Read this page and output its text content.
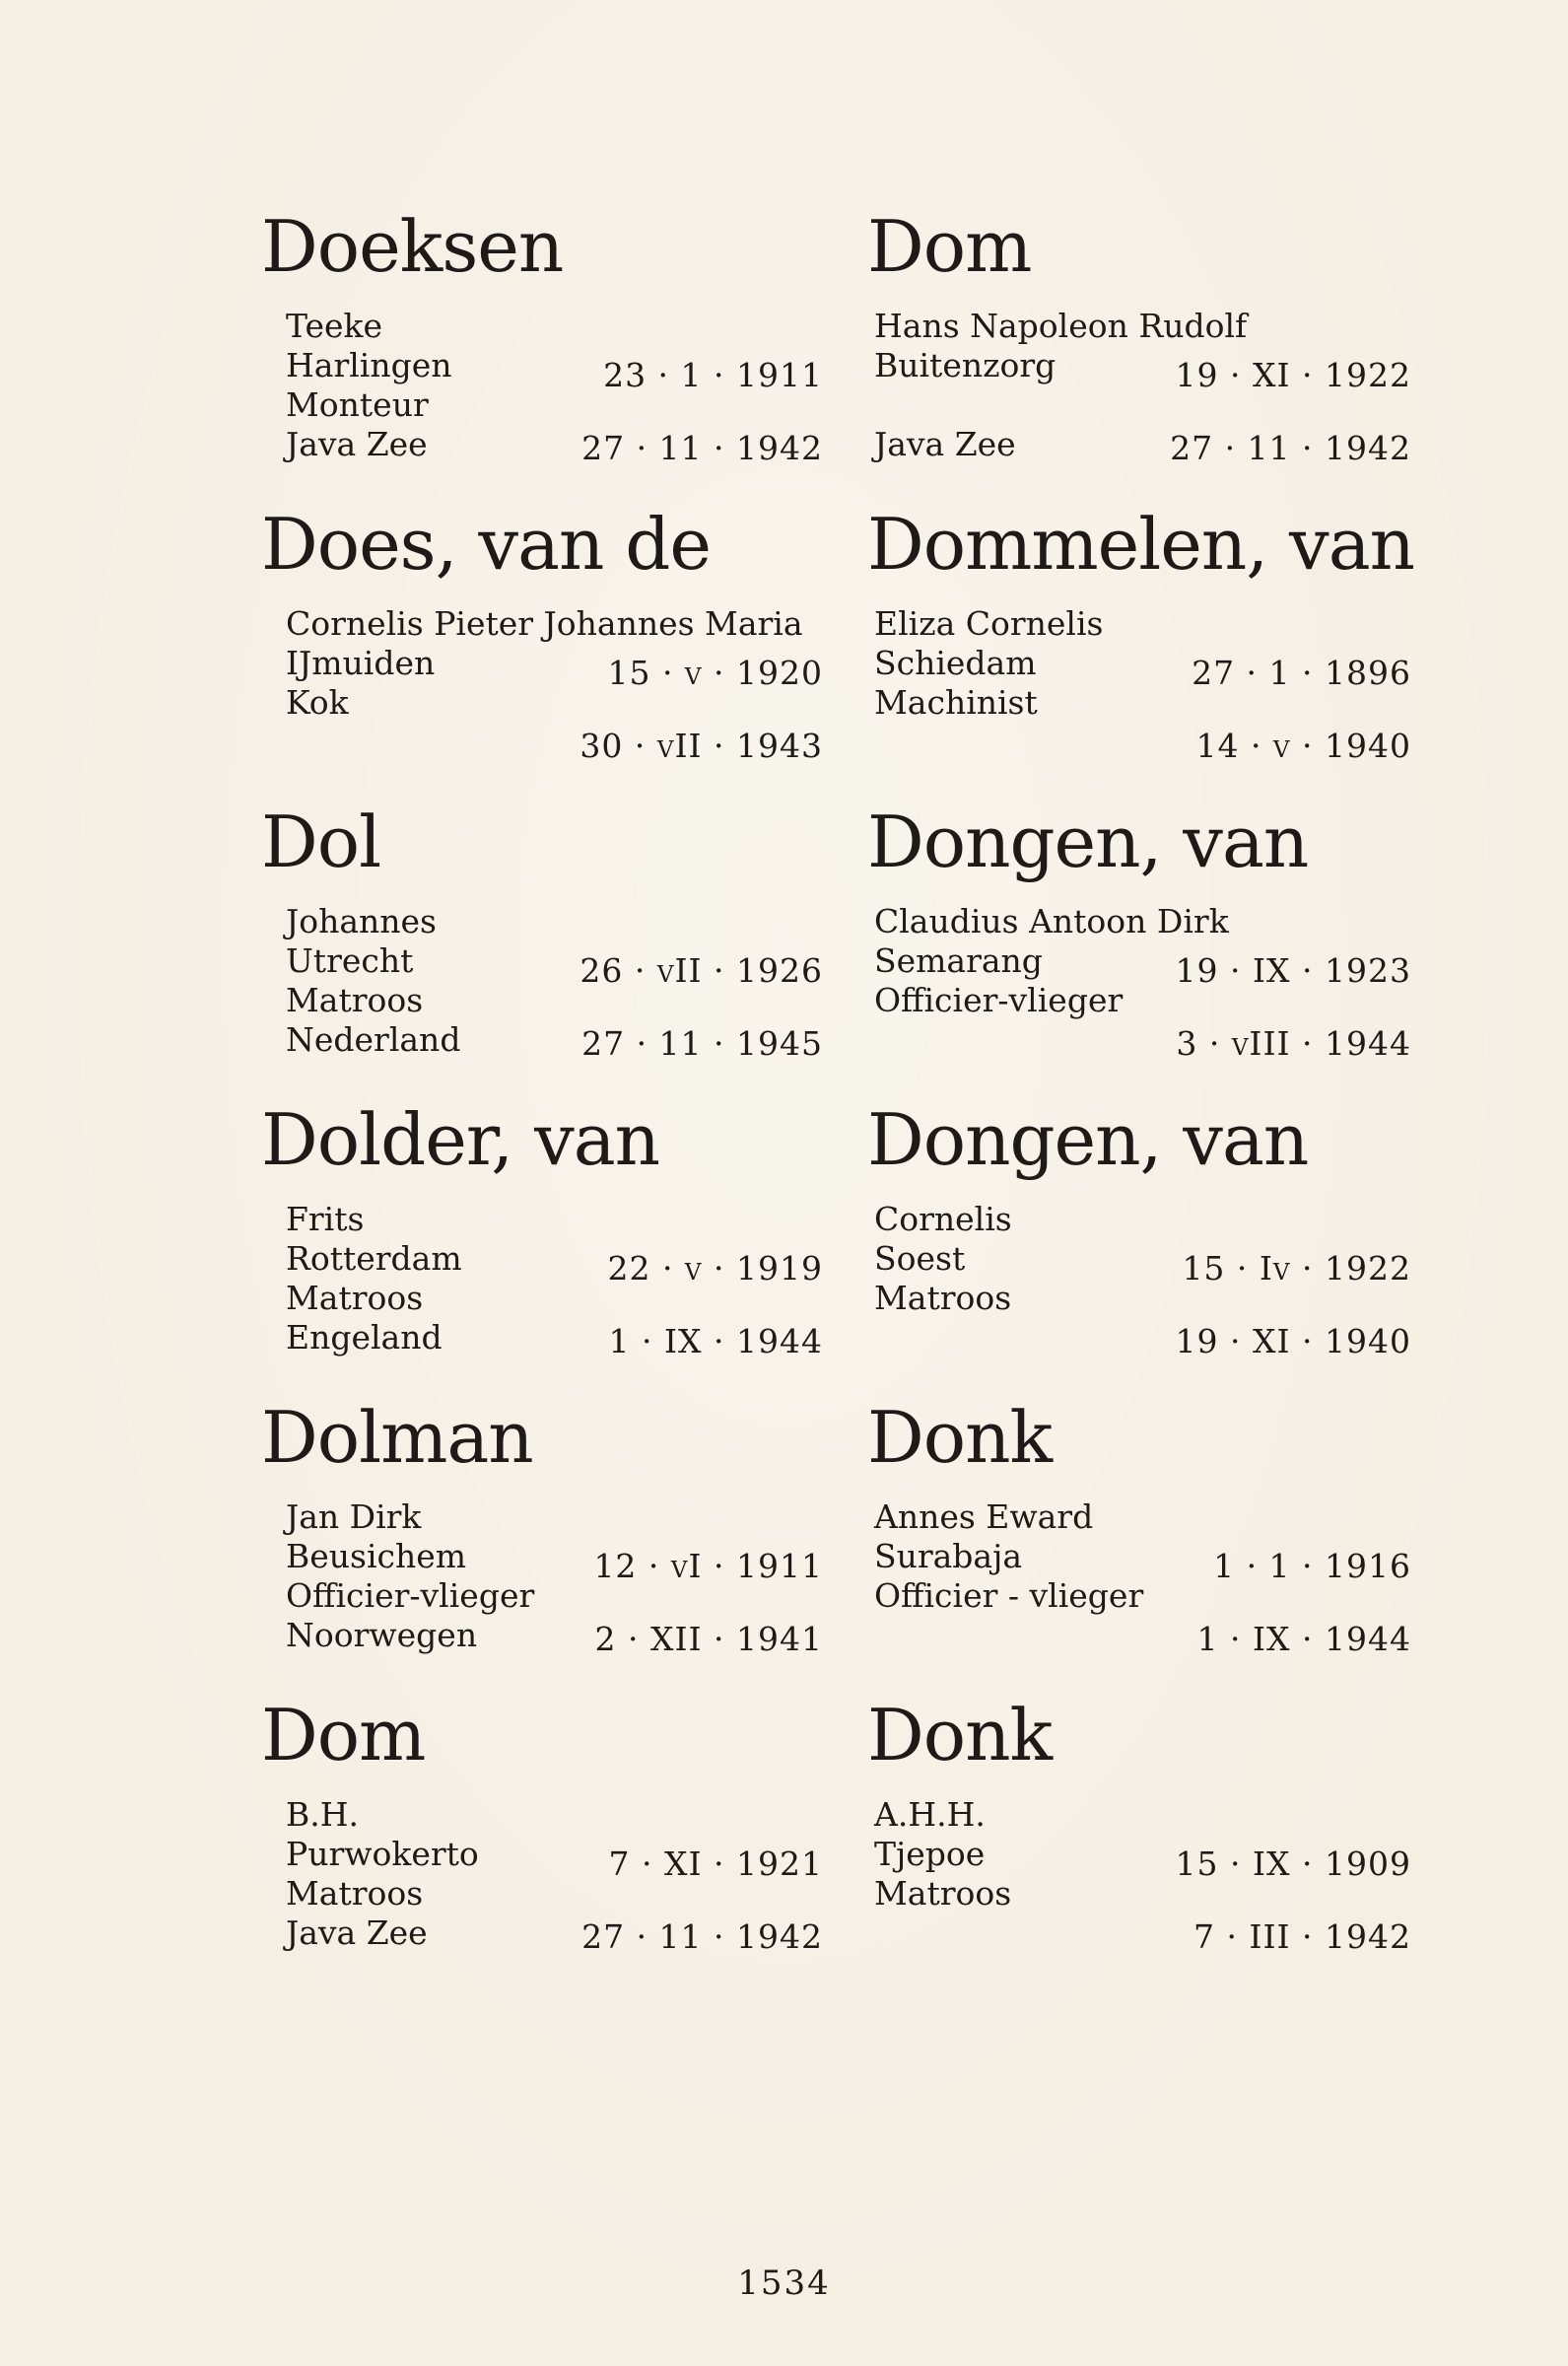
Doeksen
Teeke
Harlingen	23 · 1 · 1911
Monteur
Java Zee	27 · 11 · 1942
Does, van de
Cornelis Pieter Johannes Maria
IJmuiden	15 · v · 1920
Kok
30 · vII · 1943
Dol
Johannes
Utrecht	26 · vII · 1926
Matroos
Nederland	27 · 11 · 1945
Dolder, van
Frits
Rotterdam	22 · v · 1919
Matroos
Engeland	1 · IX · 1944
Dolman
Jan Dirk
Beusichem	12 · vI · 1911
Officier-vlieger
Noorwegen	2 · XII · 1941
Dom
B.H.
Purwokerto	7 · XI · 1921
Matroos
Java Zee	27 · 11 · 1942
Dom
Hans Napoleon Rudolf
Buitenzorg	19 · XI · 1922
Java Zee	27 · 11 · 1942
Dommelen, van
Eliza Cornelis
Schiedam	27 · 1 · 1896
Machinist
14 · v · 1940
Dongen, van
Claudius Antoon Dirk
Semarang	19 · IX · 1923
Officier-vlieger
3 · vIII · 1944
Dongen, van
Cornelis
Soest	15 · Iv · 1922
Matroos
19 · XI · 1940
Donk
Annes Eward
Surabaja	1 · 1 · 1916
Officier - vlieger
1 · IX · 1944
Donk
A.H.H.
Tjepoe	15 · IX · 1909
Matroos
7 · III · 1942
1534
